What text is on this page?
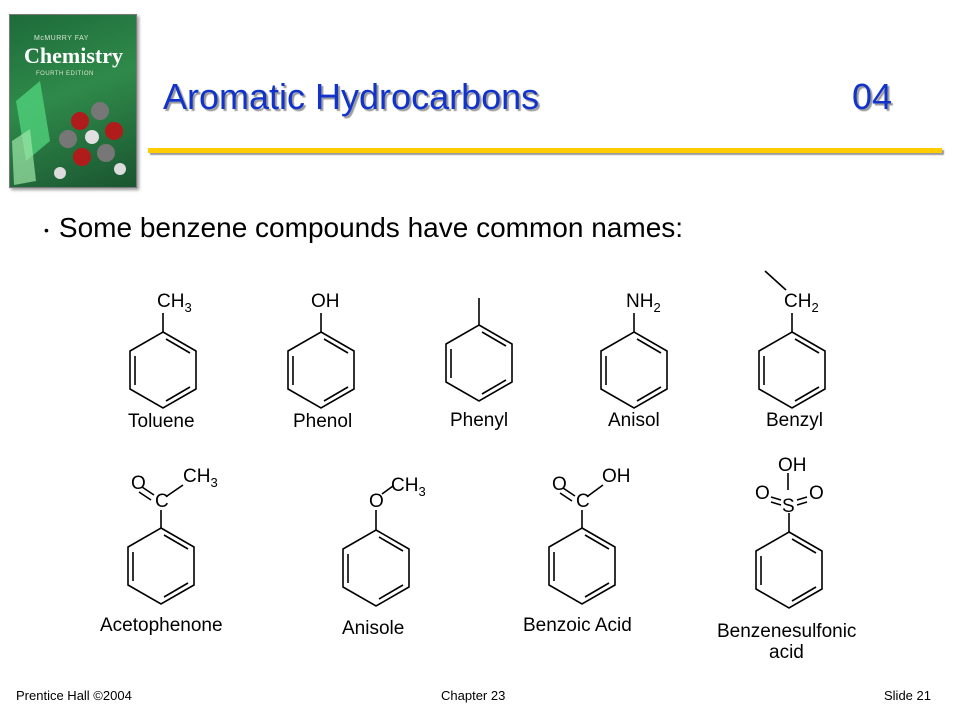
McMURRY FAY
Chemistry
FOURTH EDITION
Aromatic Hydrocarbons	04
• Some benzene compounds have common names:
$CH_3$
Toluene
OH
Phenol	Phenyl
$NH_2$
Anisol
$CH_2$
Benzyl
O
C
$CH_3$
Acetophenone
O
$CH_3$
Anisole
O
C
OH
Benzoic Acid
OH
O
S
O
Benzenesulfonic
acid
Prentice Hall ©2004	Chapter 23	Slide 21
